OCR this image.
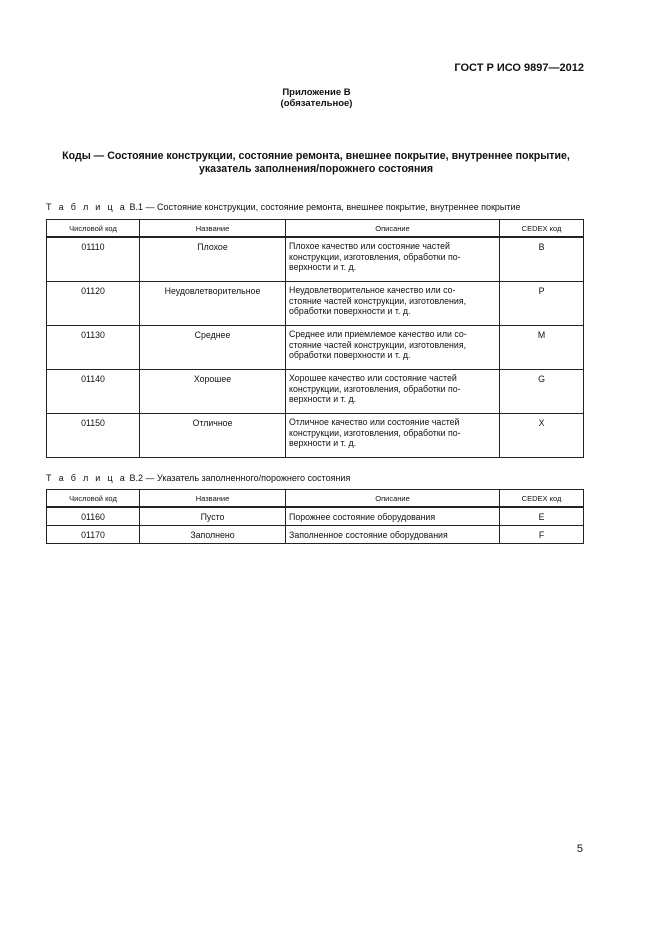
ГОСТ Р ИСО 9897—2012
Приложение В
(обязательное)
Коды — Состояние конструкции, состояние ремонта, внешнее покрытие, внутреннее покрытие,
указатель заполнения/порожнего состояния
Т а б л и ц а В.1 — Состояние конструкции, состояние ремонта, внешнее покрытие, внутреннее покрытие
Числовой код	Название	Описание	CEDEX код
01110	Плохое	Плохое качество или состояние частей
конструкции, изготовления, обработки по-
верхности и т. д.	B
01120	Неудовлетворительное	Неудовлетворительное качество или со-
стояние частей конструкции, изготовления,
обработки поверхности и т. д.	P
01130	Среднее	Среднее или приемлемое качество или со-
стояние частей конструкции, изготовления,
обработки поверхности и т. д.	M
01140	Хорошее	Хорошее качество или состояние частей
конструкции, изготовления, обработки по-
верхности и т. д.	G
01150	Отличное	Отличное качество или состояние частей
конструкции, изготовления, обработки по-
верхности и т. д.	X
Т а б л и ц а В.2 — Указатель заполненного/порожнего состояния
Числовой код	Название	Описание	CEDEX код
01160	Пусто	Порожнее состояние оборудования	E
01170	Заполнено	Заполненное состояние оборудования	F
5
